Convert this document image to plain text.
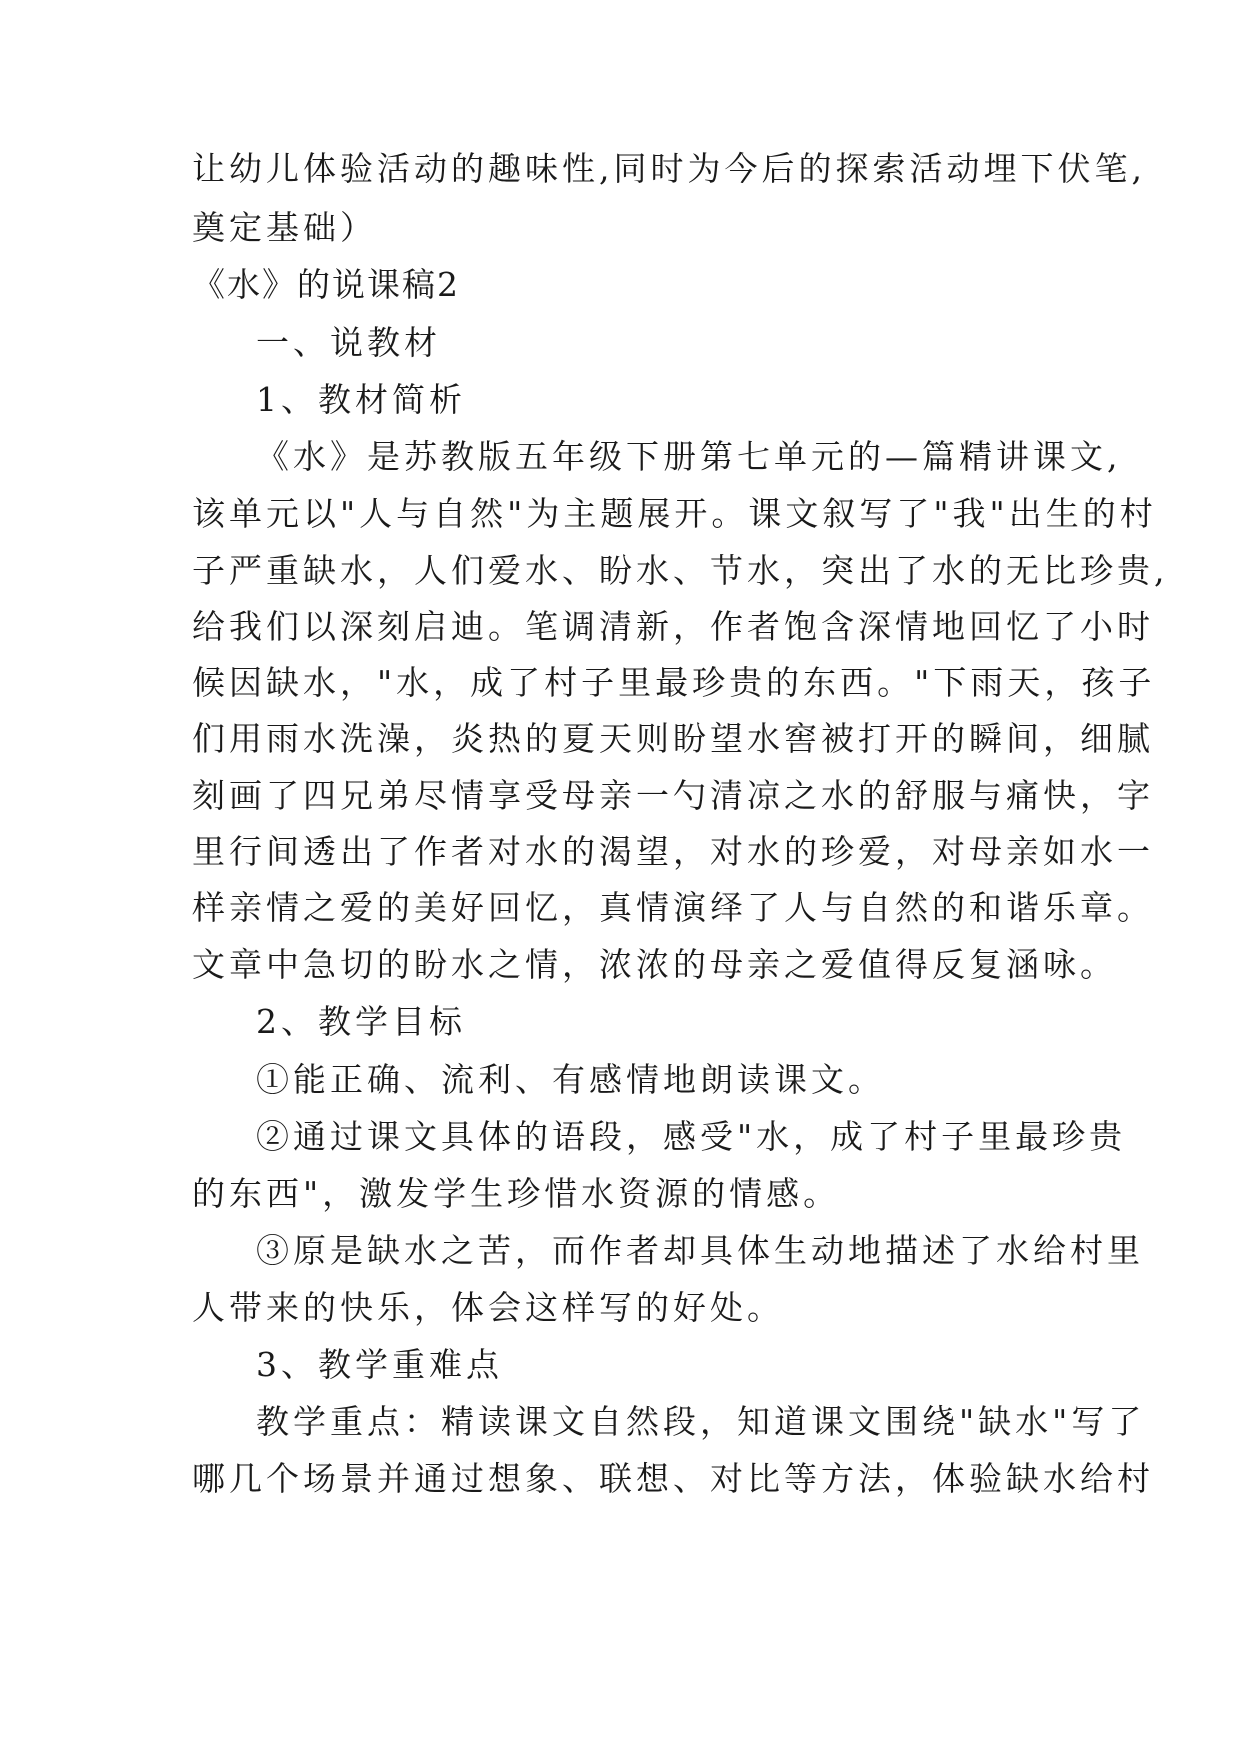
让幼儿体验活动的趣味性,同时为今后的探索活动埋下伏笔,
奠定基础）
《水》的说课稿2
一、说教材
1、教材简析
《水》是苏教版五年级下册第七单元的—篇精讲课文,
该单元以"人与自然"为主题展开。课文叙写了"我"出生的村
子严重缺水，人们爱水、盼水、节水，突出了水的无比珍贵,
给我们以深刻启迪。笔调清新，作者饱含深情地回忆了小时
候因缺水，"水，成了村子里最珍贵的东西。"下雨天，孩子
们用雨水洗澡，炎热的夏天则盼望水窖被打开的瞬间，细腻
刻画了四兄弟尽情享受母亲一勺清凉之水的舒服与痛快，字
里行间透出了作者对水的渴望，对水的珍爱，对母亲如水一
样亲情之爱的美好回忆，真情演绎了人与自然的和谐乐章。
文章中急切的盼水之情，浓浓的母亲之爱值得反复涵咏。
2、教学目标
①能正确、流利、有感情地朗读课文。
②通过课文具体的语段，感受"水，成了村子里最珍贵
的东西"，激发学生珍惜水资源的情感。
③原是缺水之苦，而作者却具体生动地描述了水给村里
人带来的快乐，体会这样写的好处。
3、教学重难点
教学重点：精读课文自然段，知道课文围绕"缺水"写了
哪几个场景并通过想象、联想、对比等方法，体验缺水给村
